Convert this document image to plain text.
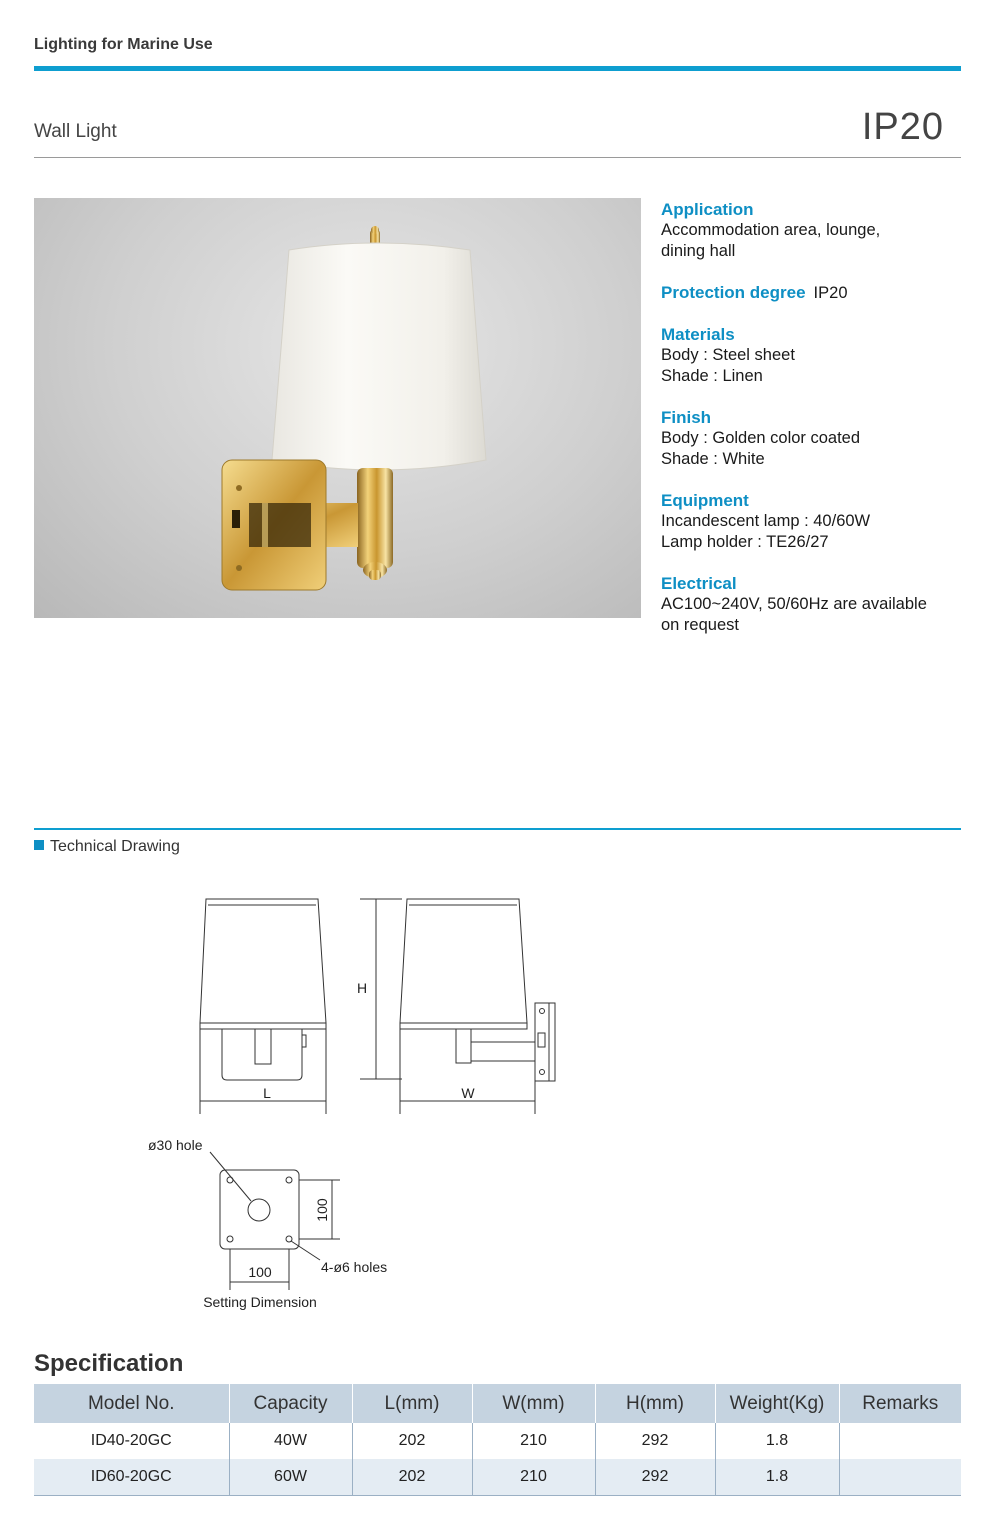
Lighting for Marine Use
Wall Light	IP20
Application
Accommodation area, lounge,
dining hall
Protection degree IP20
Materials
Body : Steel sheet
Shade : Linen
Finish
Body : Golden color coated
Shade : White
Equipment
Incandescent lamp : 40/60W
Lamp holder : TE26/27
Electrical
AC100~240V, 50/60Hz are available
on request
Technical Drawing
L	W
H
ø30 hole
4-ø6 holes
100
100
Setting Dimension
Specification
Model No.	Capacity	L(mm)	W(mm)	H(mm)	Weight(Kg)	Remarks
ID40-20GC	40W	202	210	292	1.8	
ID60-20GC	60W	202	210	292	1.8	
